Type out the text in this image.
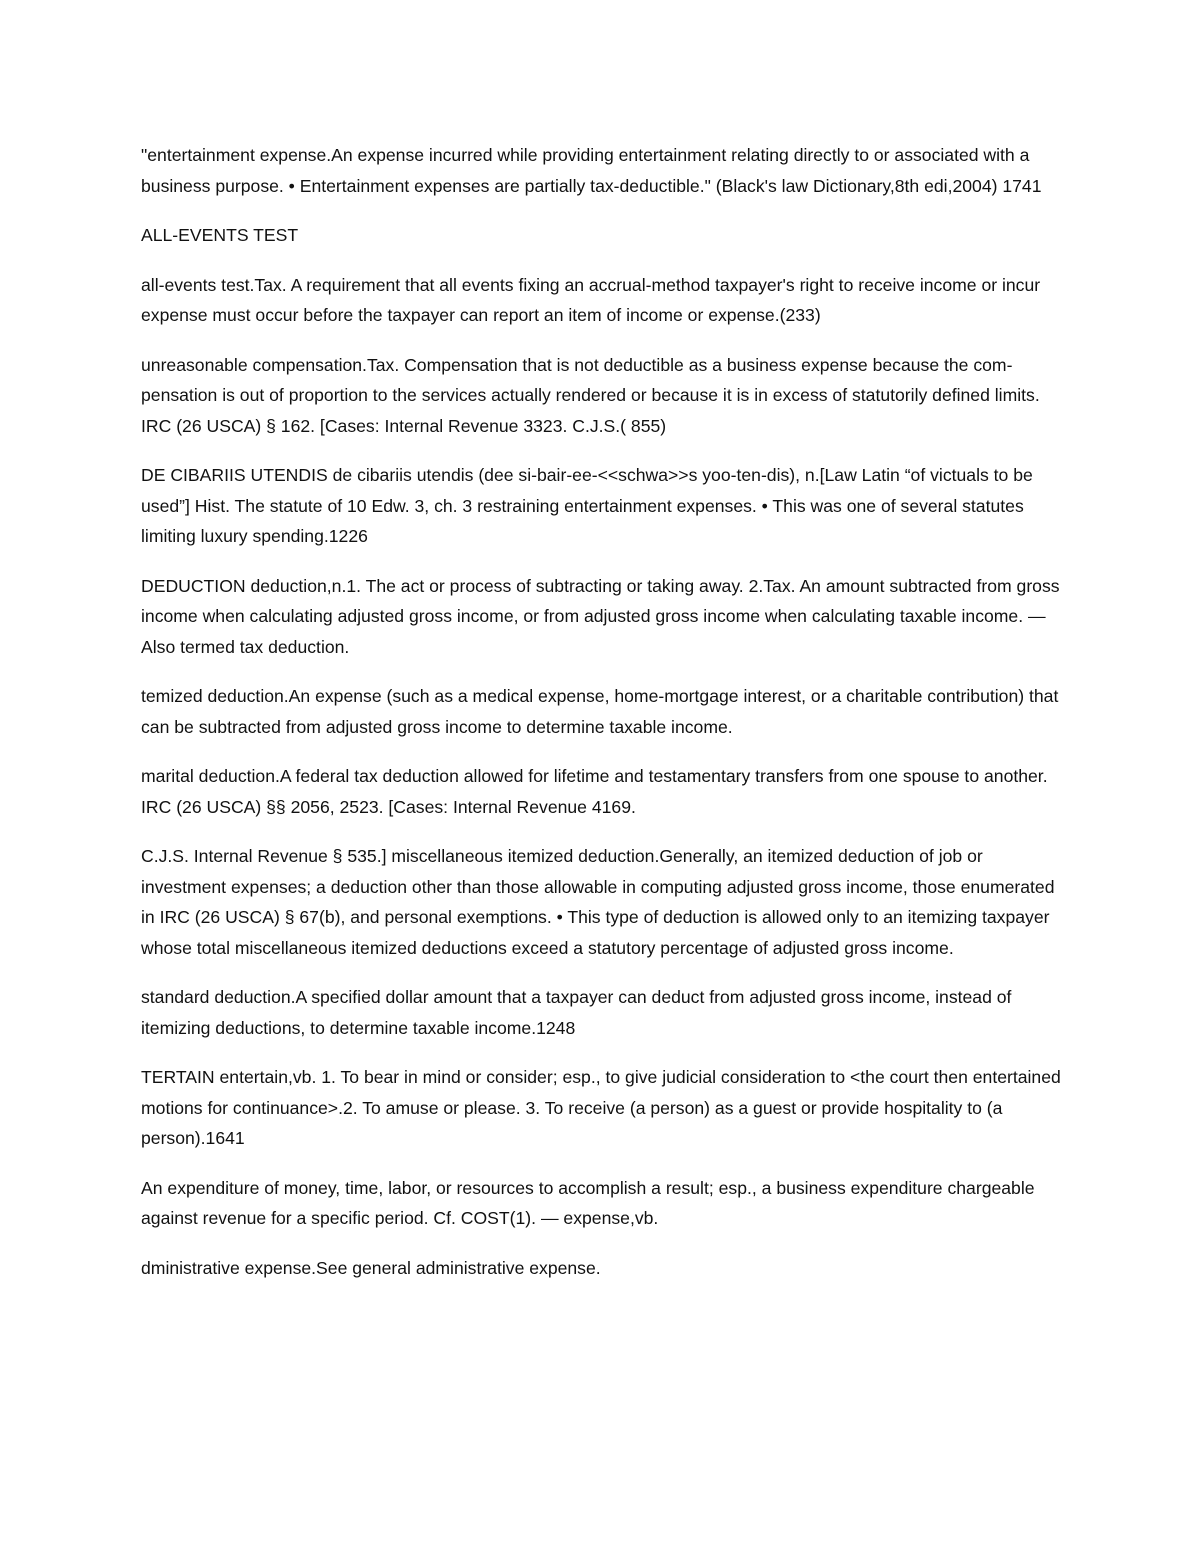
"entertainment expense.An expense incurred while providing entertainment relating directly to or associated with a business purpose. • Entertainment expenses are partially tax-deductible." (Black's law Dictionary,8th edi,2004) 1741

ALL-EVENTS TEST

all-events test.Tax. A requirement that all events fixing an accrual-method taxpayer's right to receive income or incur expense must occur before the taxpayer can report an item of income or expense.(233)

unreasonable compensation.Tax. Compensation that is not deductible as a business expense because the com-pensation is out of proportion to the services actually rendered or because it is in excess of statutorily defined limits. IRC (26 USCA) § 162. [Cases: Internal Revenue 3323. C.J.S.( 855)

DE CIBARIIS UTENDIS de cibariis utendis (dee si-bair-ee-<<schwa>>s yoo-ten-dis), n.[Law Latin “of victuals to be used”] Hist. The statute of 10 Edw. 3, ch. 3 restraining entertainment expenses. • This was one of several statutes limiting luxury spending.1226

DEDUCTION deduction,n.1. The act or process of subtracting or taking away. 2.Tax. An amount subtracted from gross income when calculating adjusted gross income, or from adjusted gross income when calculating taxable income. — Also termed tax deduction.

temized deduction.An expense (such as a medical expense, home-mortgage interest, or a charitable contribution) that can be subtracted from adjusted gross income to determine taxable income.

marital deduction.A federal tax deduction allowed for lifetime and testamentary transfers from one spouse to another. IRC (26 USCA) §§ 2056, 2523. [Cases: Internal Revenue 4169.

C.J.S. Internal Revenue § 535.] miscellaneous itemized deduction.Generally, an itemized deduction of job or investment expenses; a deduction other than those allowable in computing adjusted gross income, those enumerated in IRC (26 USCA) § 67(b), and personal exemptions. • This type of deduction is allowed only to an itemizing taxpayer whose total miscellaneous itemized deductions exceed a statutory percentage of adjusted gross income.

standard deduction.A specified dollar amount that a taxpayer can deduct from adjusted gross income, instead of itemizing deductions, to determine taxable income.1248

TERTAIN entertain,vb. 1. To bear in mind or consider; esp., to give judicial consideration to <the court then entertained motions for continuance>.2. To amuse or please. 3. To receive (a person) as a guest or provide hospitality to (a person).1641

An expenditure of money, time, labor, or resources to accomplish a result; esp., a business expenditure chargeable against revenue for a specific period. Cf. COST(1). — expense,vb.

dministrative expense.See general administrative expense.
